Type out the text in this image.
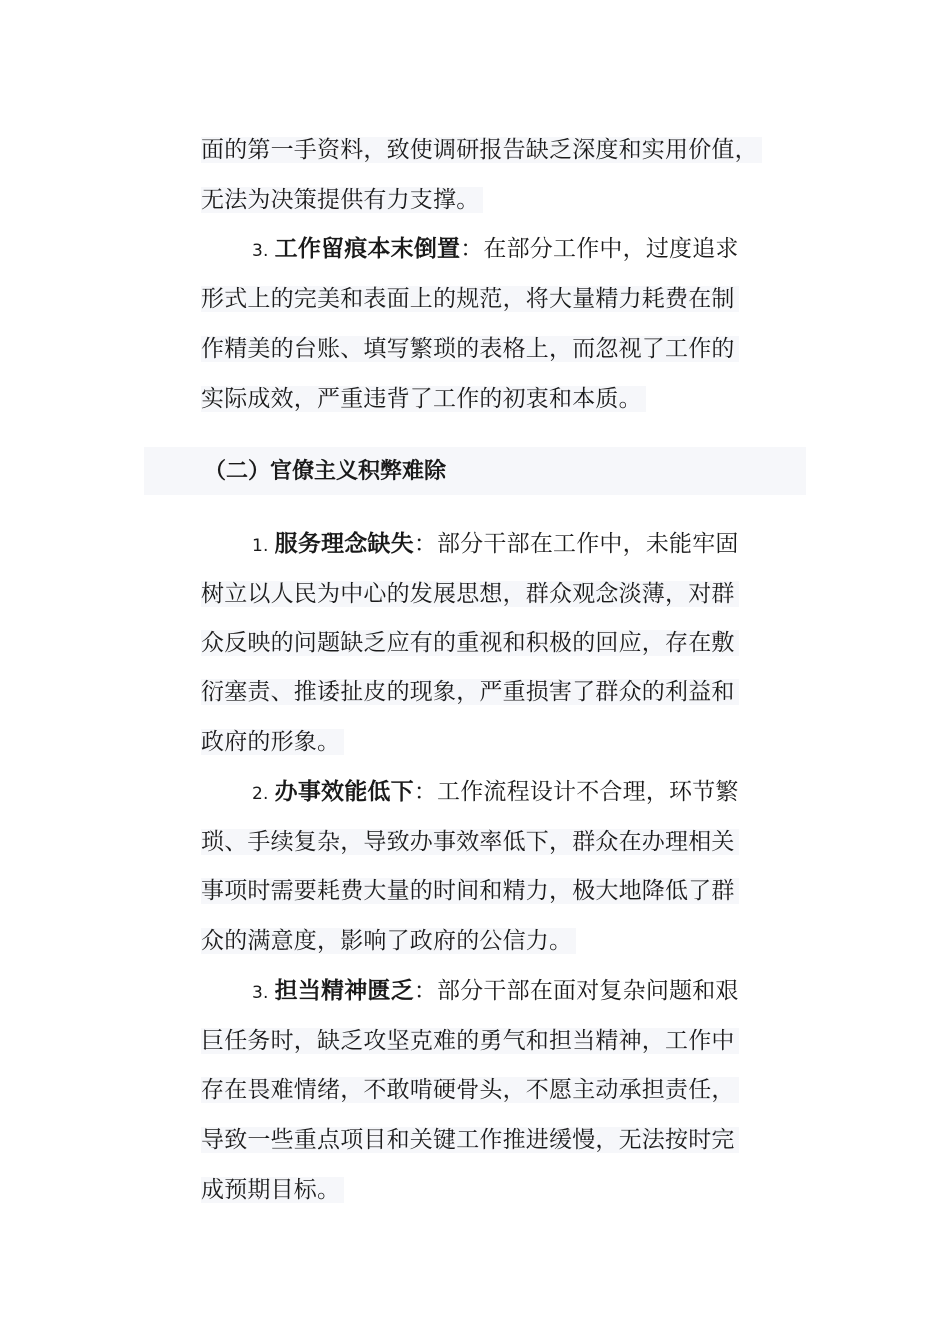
面的第一手资料，致使调研报告缺乏深度和实用价值，
无法为决策提供有力支撑。
3. 工作留痕本末倒置：在部分工作中，过度追求
形式上的完美和表面上的规范，将大量精力耗费在制
作精美的台账、填写繁琐的表格上，而忽视了工作的
实际成效，严重违背了工作的初衷和本质。
（二）官僚主义积弊难除
1. 服务理念缺失：部分干部在工作中，未能牢固
树立以人民为中心的发展思想，群众观念淡薄，对群
众反映的问题缺乏应有的重视和积极的回应，存在敷
衍塞责、推诿扯皮的现象，严重损害了群众的利益和
政府的形象。
2. 办事效能低下：工作流程设计不合理，环节繁
琐、手续复杂，导致办事效率低下，群众在办理相关
事项时需要耗费大量的时间和精力，极大地降低了群
众的满意度，影响了政府的公信力。
3. 担当精神匮乏：部分干部在面对复杂问题和艰
巨任务时，缺乏攻坚克难的勇气和担当精神，工作中
存在畏难情绪，不敢啃硬骨头，不愿主动承担责任，
导致一些重点项目和关键工作推进缓慢，无法按时完
成预期目标。
